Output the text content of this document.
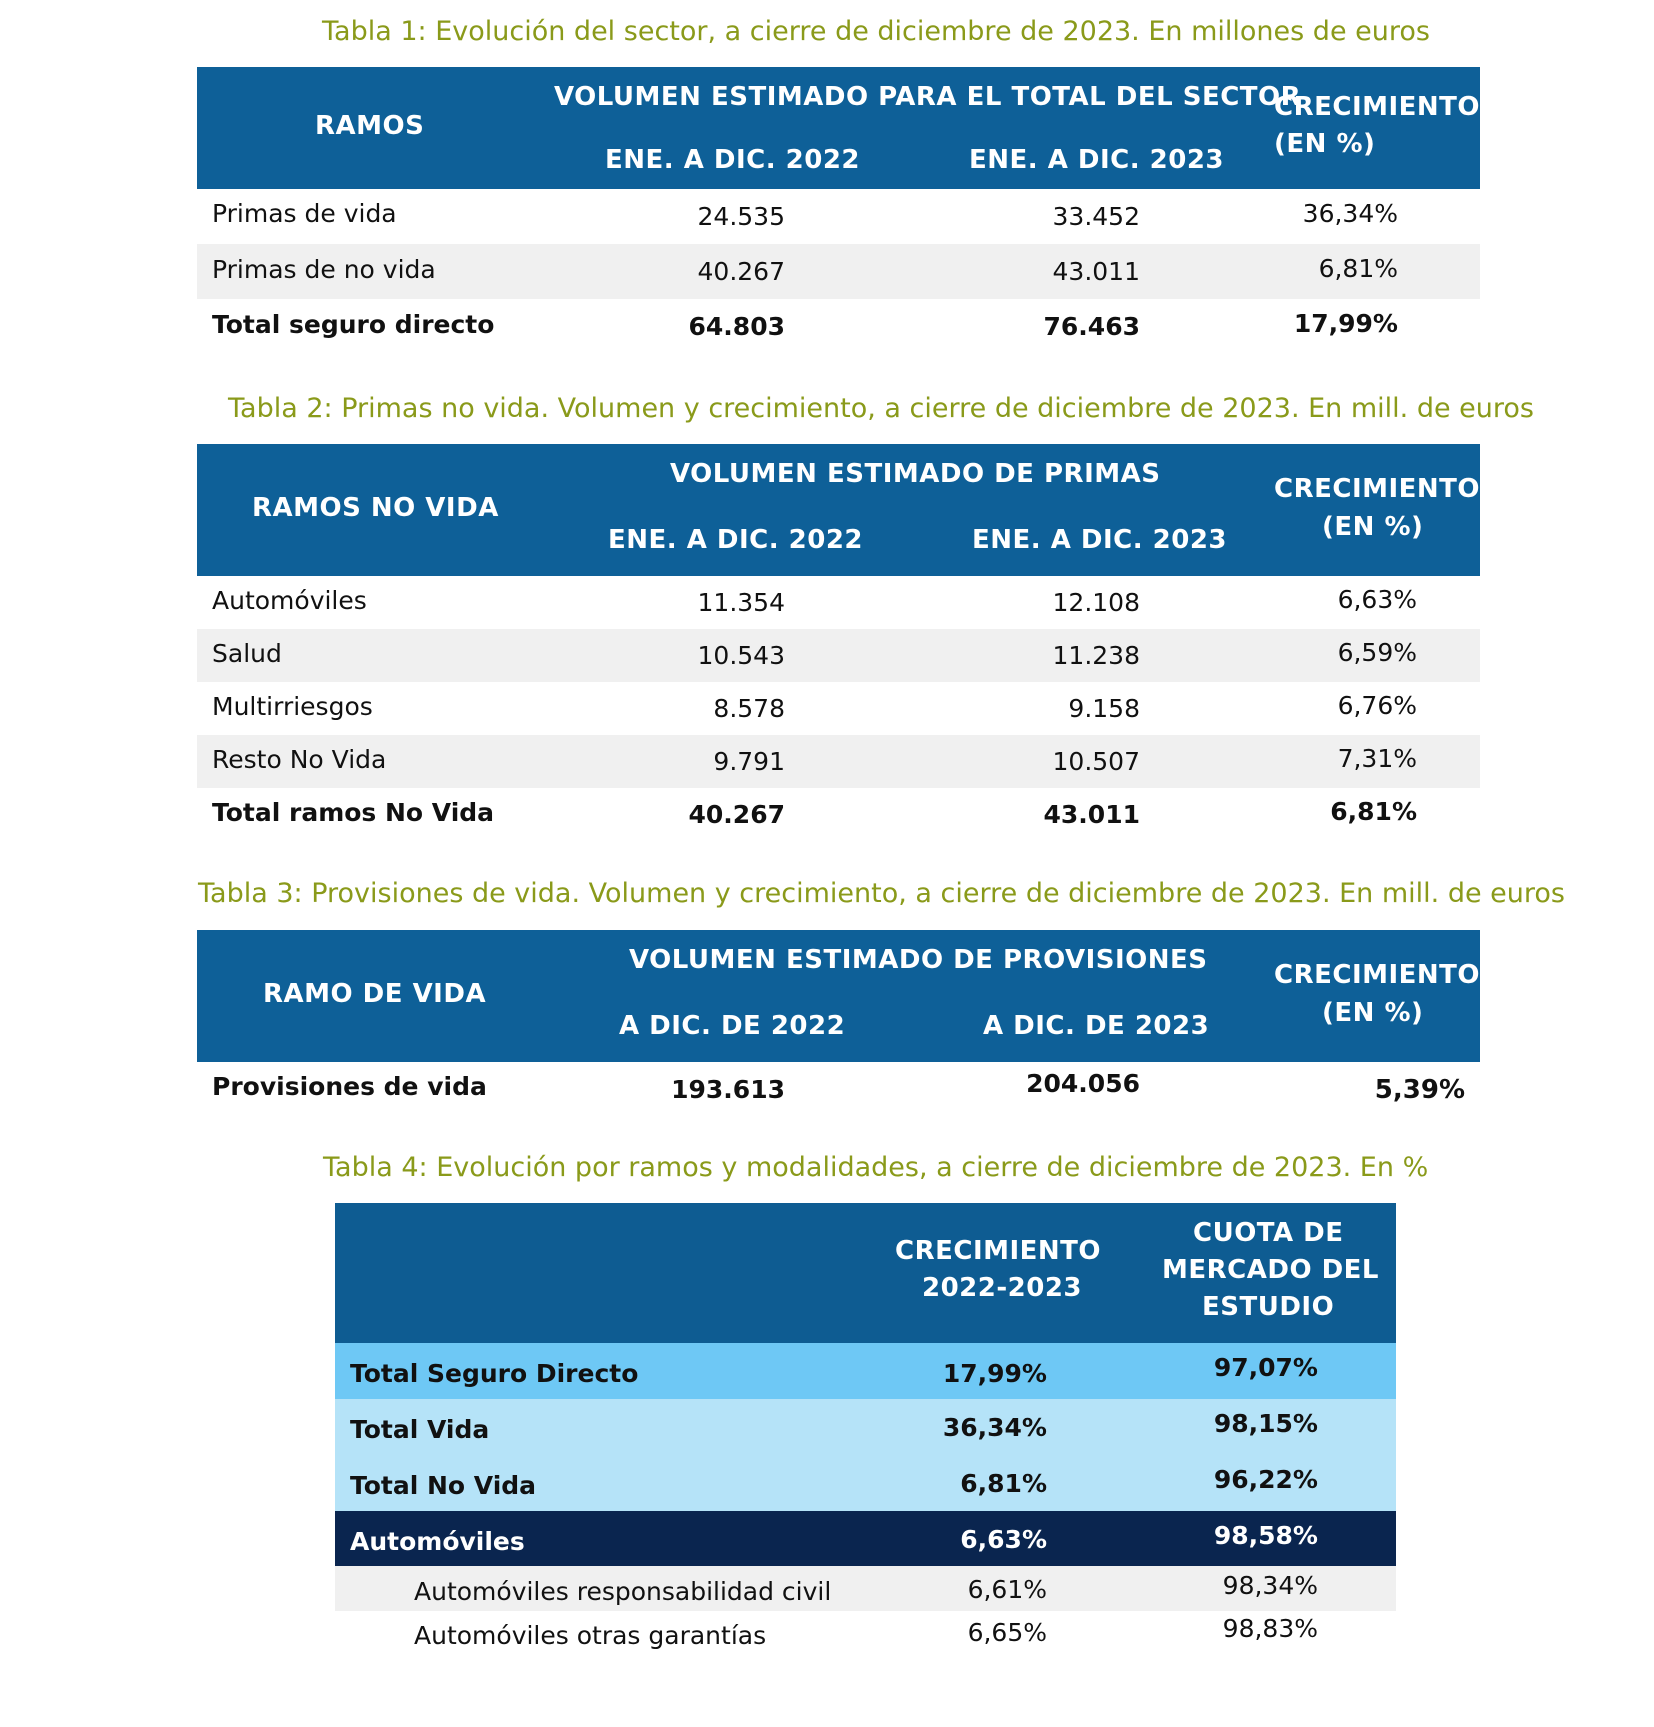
Tabla 1: Evolución del sector, a cierre de diciembre de 2023. En millones de euros
RAMOS
VOLUMEN ESTIMADO PARA EL TOTAL DEL SECTOR
ENE. A DIC. 2022	ENE. A DIC. 2023
CRECIMIENTO
(EN %)
Primas de vida	24.535	33.452	36,34%
Primas de no vida	40.267	43.011	6,81%
Total seguro directo	64.803	76.463	17,99%
Tabla 2: Primas no vida. Volumen y crecimiento, a cierre de diciembre de 2023. En mill. de euros
RAMOS NO VIDA
VOLUMEN ESTIMADO DE PRIMAS
ENE. A DIC. 2022	ENE. A DIC. 2023
CRECIMIENTO
(EN %)
Automóviles	11.354	12.108	6,63%
Salud	10.543	11.238	6,59%
Multirriesgos	8.578	9.158	6,76%
Resto No Vida	9.791	10.507	7,31%
Total ramos No Vida	40.267	43.011	6,81%
Tabla 3: Provisiones de vida. Volumen y crecimiento, a cierre de diciembre de 2023. En mill. de euros
RAMO DE VIDA
VOLUMEN ESTIMADO DE PROVISIONES
A DIC. DE 2022	A DIC. DE 2023
CRECIMIENTO
(EN %)
Provisiones de vida	193.613	204.056	5,39%
Tabla 4: Evolución por ramos y modalidades, a cierre de diciembre de 2023. En %
CRECIMIENTO
2022-2023
CUOTA DE
MERCADO DEL
ESTUDIO
Total Seguro Directo	17,99%	97,07%
Total Vida	36,34%	98,15%
Total No Vida	6,81%	96,22%
Automóviles	6,63%	98,58%
Automóviles responsabilidad civil	6,61%	98,34%
Automóviles otras garantías	6,65%	98,83%
